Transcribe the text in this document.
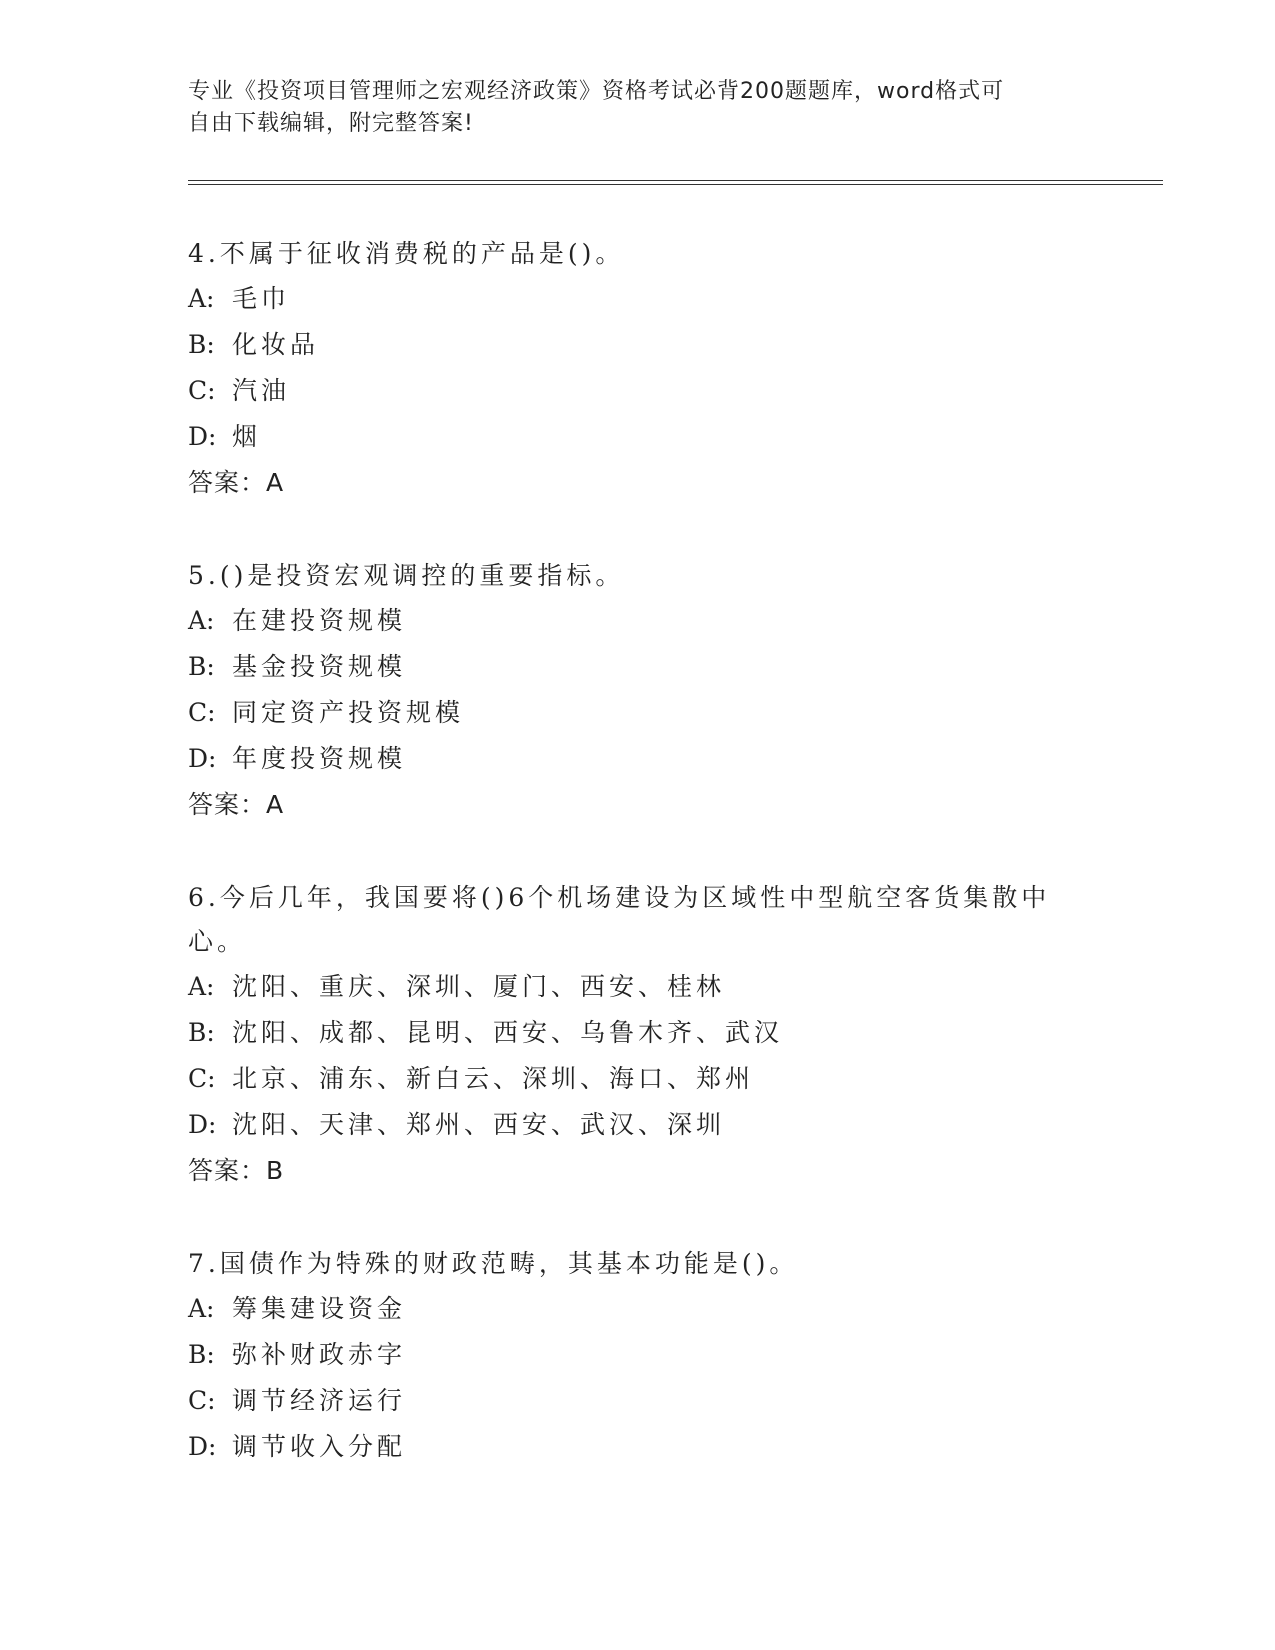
专业《投资项目管理师之宏观经济政策》资格考试必背200题题库，word格式可
自由下载编辑，附完整答案!
4.不属于征收消费税的产品是()。
A: 毛巾
B: 化妆品
C: 汽油
D: 烟
答案：A
5.()是投资宏观调控的重要指标。
A: 在建投资规模
B: 基金投资规模
C: 同定资产投资规模
D: 年度投资规模
答案：A
6.今后几年，我国要将()6个机场建设为区域性中型航空客货集散中心。
A: 沈阳、重庆、深圳、厦门、西安、桂林
B: 沈阳、成都、昆明、西安、乌鲁木齐、武汉
C: 北京、浦东、新白云、深圳、海口、郑州
D: 沈阳、天津、郑州、西安、武汉、深圳
答案：B
7.国债作为特殊的财政范畴，其基本功能是()。
A: 筹集建设资金
B: 弥补财政赤字
C: 调节经济运行
D: 调节收入分配
